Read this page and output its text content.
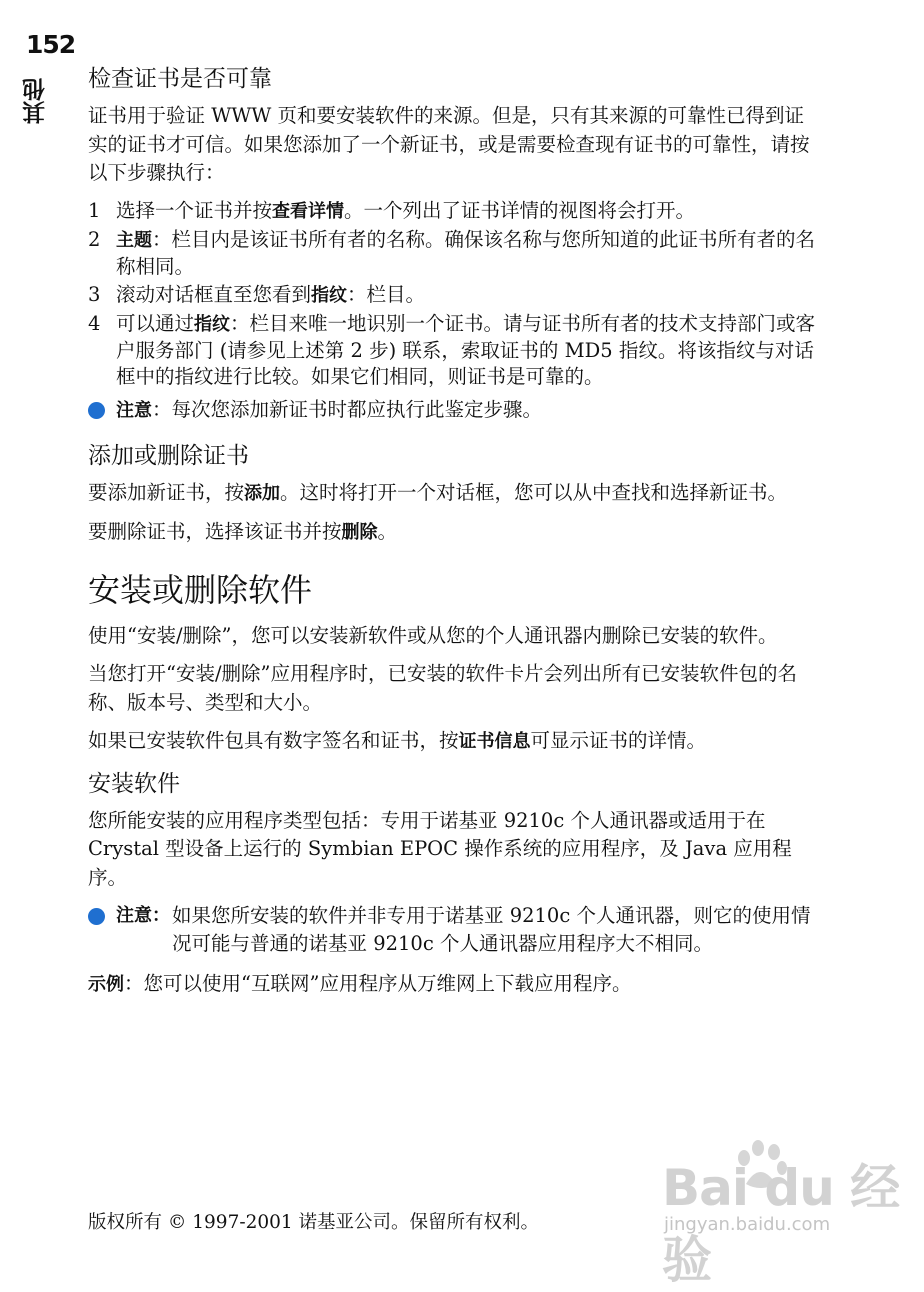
152
其他 检查证书是否可靠

证书用于验证 WWW 页和要安装软件的来源。但是，只有其来源的可靠性已得到证实的证书才可信。如果您添加了一个新证书，或是需要检查现有证书的可靠性，请按以下步骤执行：

1 选择一个证书并按查看详情。一个列出了证书详情的视图将会打开。
2 主题：栏目内是该证书所有者的名称。确保该名称与您所知道的此证书所有者的名称相同。
3 滚动对话框直至您看到指纹：栏目。
4 可以通过指纹：栏目来唯一地识别一个证书。请与证书所有者的技术支持部门或客户服务部门 (请参见上述第 2 步) 联系，索取证书的 MD5 指纹。将该指纹与对话框中的指纹进行比较。如果它们相同，则证书是可靠的。
注意：每次您添加新证书时都应执行此鉴定步骤。
添加或删除证书

要添加新证书，按添加。这时将打开一个对话框，您可以从中查找和选择新证书。

要删除证书，选择该证书并按删除。

安装或删除软件

使用“安装/删除”，您可以安装新软件或从您的个人通讯器内删除已安装的软件。

当您打开“安装/删除”应用程序时，已安装的软件卡片会列出所有已安装软件包的名称、版本号、类型和大小。

如果已安装软件包具有数字签名和证书，按证书信息可显示证书的详情。

安装软件

您所能安装的应用程序类型包括：专用于诺基亚 9210c 个人通讯器或适用于在 Crystal 型设备上运行的 Symbian EPOC 操作系统的应用程序，及 Java 应用程序。

注意： 如果您所安装的软件并非专用于诺基亚 9210c 个人通讯器，则它的使用情况可能与普通的诺基亚 9210c 个人通讯器应用程序大不相同。

示例：您可以使用“互联网”应用程序从万维网上下载应用程序。

版权所有 © 1997-2001 诺基亚公司。保留所有权利。
Bai du 经验
jingyan.baidu.com
